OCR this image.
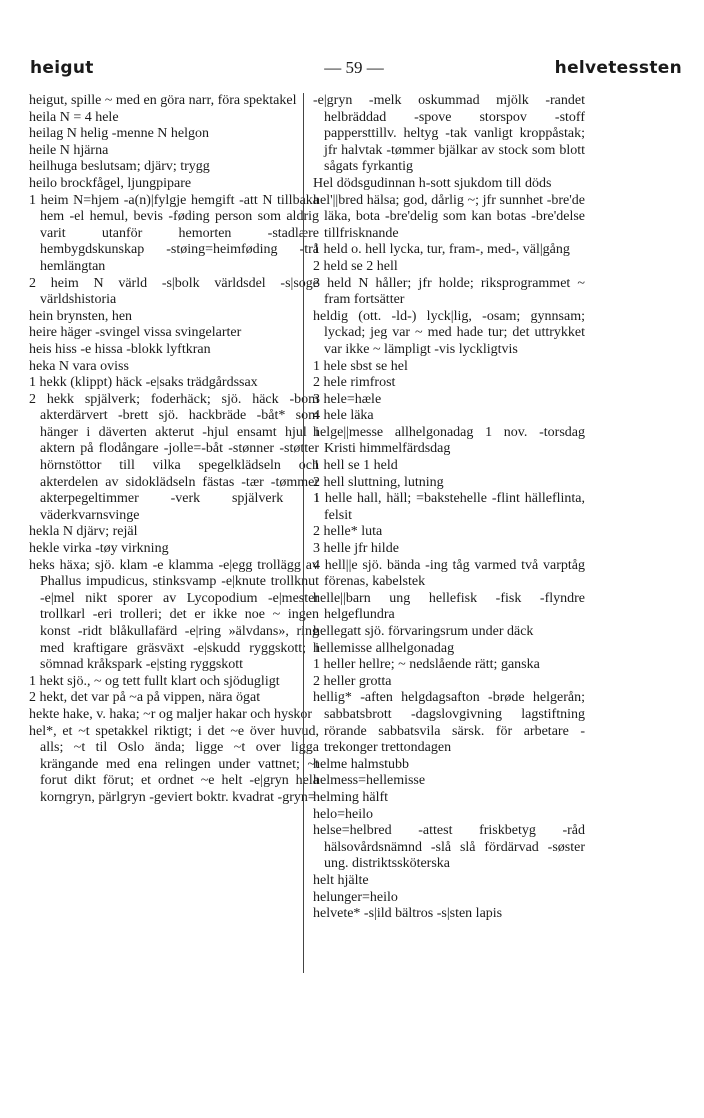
heigut	— 59 —	helvetessten

heigut, spille ~ med en göra narr, föra spektakel

heila N = 4 hele

heilag N helig -menne N helgon

heile N hjärna

heilhuga beslutsam; djärv; trygg

heilo brockfågel, ljungpipare

1 heim N=hjem -a(n)|fylgje hemgift -att N tillbaka hem -el hemul, bevis -føding person som aldrig varit utanför hemorten -stadlære hembygdskunskap -støing=heimføding -trå hemlängtan

2 heim N värld -s|bolk världsdel -s|soge världshistoria

hein brynsten, hen

heire häger -svingel vissa svingelarter

heis hiss -e hissa -blokk lyftkran

heka N vara oviss

1 hekk (klippt) häck -e|saks trädgårdssax

2 hekk spjälverk; foderhäck; sjö. häck -bom akterdärvert -brett sjö. hackbräde -båt* som hänger i däverten akterut -hjul ensamt hjul i aktern på flodångare -jolle=-båt -stønner -støtter hörnstöttor till vilka spegelklädseln och akterdelen av sidoklädseln fästas -tær -tømmer akterpegeltimmer -verk spjälverk i väderkvarnsvinge

hekla N djärv; rejäl

hekle virka -tøy virkning

heks häxa; sjö. klam -e klamma -e|egg trollägg av Phallus impudicus, stinksvamp -e|knute trollknut -e|mel nikt sporer av Lycopodium -e|mester trollkarl -eri trolleri; det er ikke noe ~ ingen konst -ridt blåkullafärd -e|ring »älvdans», ring med kraftigare gräsväxt -e|skudd ryggskott; i sömnad kråkspark -e|sting ryggskott

1 hekt sjö., ~ og tett fullt klart och sjödugligt

2 hekt, det var på ~a på vippen, nära ögat

hekte hake, v. haka; ~r og maljer hakar och hyskor

hel*, et ~t spetakkel riktigt; i det ~e över huvud, alls; ~t til Oslo ända; ligge ~t over ligga krängande med ena relingen under vattnet; ~t forut dikt förut; et ordnet ~e helt -e|gryn hela korngryn, pärlgryn -geviert boktr. kvadrat -gryn=

-e|gryn -melk oskummad mjölk -randet helbräddad -spove storspov -stoff pappersttillv. heltyg -tak vanligt kroppåstak; jfr halvtak -tømmer bjälkar av stock som blott sågats fyrkantig

Hel dödsgudinnan h-sott sjukdom till döds

hel'||bred hälsa; god, dårlig ~; jfr sunnhet -bre'de läka, bota -bre'delig som kan botas -bre'delse tillfrisknande

1 held o. hell lycka, tur, fram-, med-, väl|gång

2 held se 2 hell

3 held N håller; jfr holde; riksprogrammet ~ fram fortsätter

heldig (ott. -ld-) lyck|lig, -osam; gynnsam; lyckad; jeg var ~ med hade tur; det uttrykket var ikke ~ lämpligt -vis lyckligtvis

1 hele sbst se hel

2 hele rimfrost

3 hele=hæle

4 hele läka

helge||messe allhelgonadag 1 nov. -torsdag Kristi himmelfärdsdag

1 hell se 1 held

2 hell sluttning, lutning

1 helle hall, häll; =bakstehelle -flint hälleflinta, felsit

2 helle* luta

3 helle jfr hilde

4 hell||e sjö. bända -ing tåg varmed två varptåg förenas, kabelstek

helle||barn ung hellefisk -fisk -flyndre helgeflundra

hellegatt sjö. förvaringsrum under däck

hellemisse allhelgonadag

1 heller hellre; ~ nedslående rätt; ganska

2 heller grotta

hellig* -aften helgdagsafton -brøde helgerån; sabbatsbrott -dagslovgivning lagstiftning rörande sabbatsvila särsk. för arbetare -trekonger trettondagen

helme halmstubb

helmess=hellemisse

helming hälft

helo=heilo

helse=helbred -attest friskbetyg -råd hälsovårdsnämnd -slå slå fördärvad -søster ung. distriktssköterska

helt hjälte

helunger=heilo

helvete* -s|ild bältros -s|sten lapis
